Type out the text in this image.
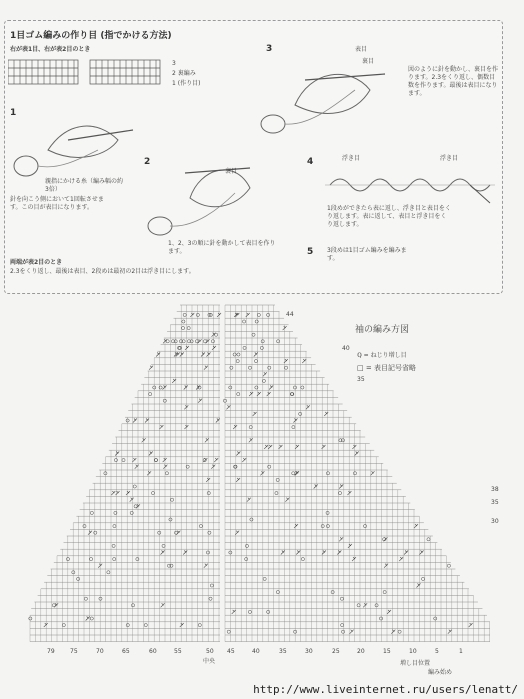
1目ゴム編みの作り目 (指でかける方法)
右が表1目、右が表2目のとき
3
2 裏編み
1 (作り目)
1
親指にかける糸（編み幅の約3倍）
針を向こう側において1回転させます。この目が表目になります。
2
裏目
1、2、3の順に針を動かして表目を作ります。
3	表目
裏目
図のように針を動かし、裏目を作ります。2.3をくり返し、偶数目数を作ります。最後は表目になります。
4	浮き目	浮き目
1段めができたら表に返し、浮き目と表目をくり返します。表に返して、表目と浮き目をくり返します。
5 3段めは1目ゴム編みを編みます。
両端が表2目のとき
2.3をくり返し、最後は表目、2段めは最初の2目は浮き目にします。
袖の編み方図
ℚ = ねじり増し目
□ = 表目記号省略
44
38
35
30
40
35
79	75	70	65	60	55	50 45	40	35	30	25	20	15	10	5	1
中央	増し目位置
編み始め
http://www.liveinternet.ru/users/lenatt/
